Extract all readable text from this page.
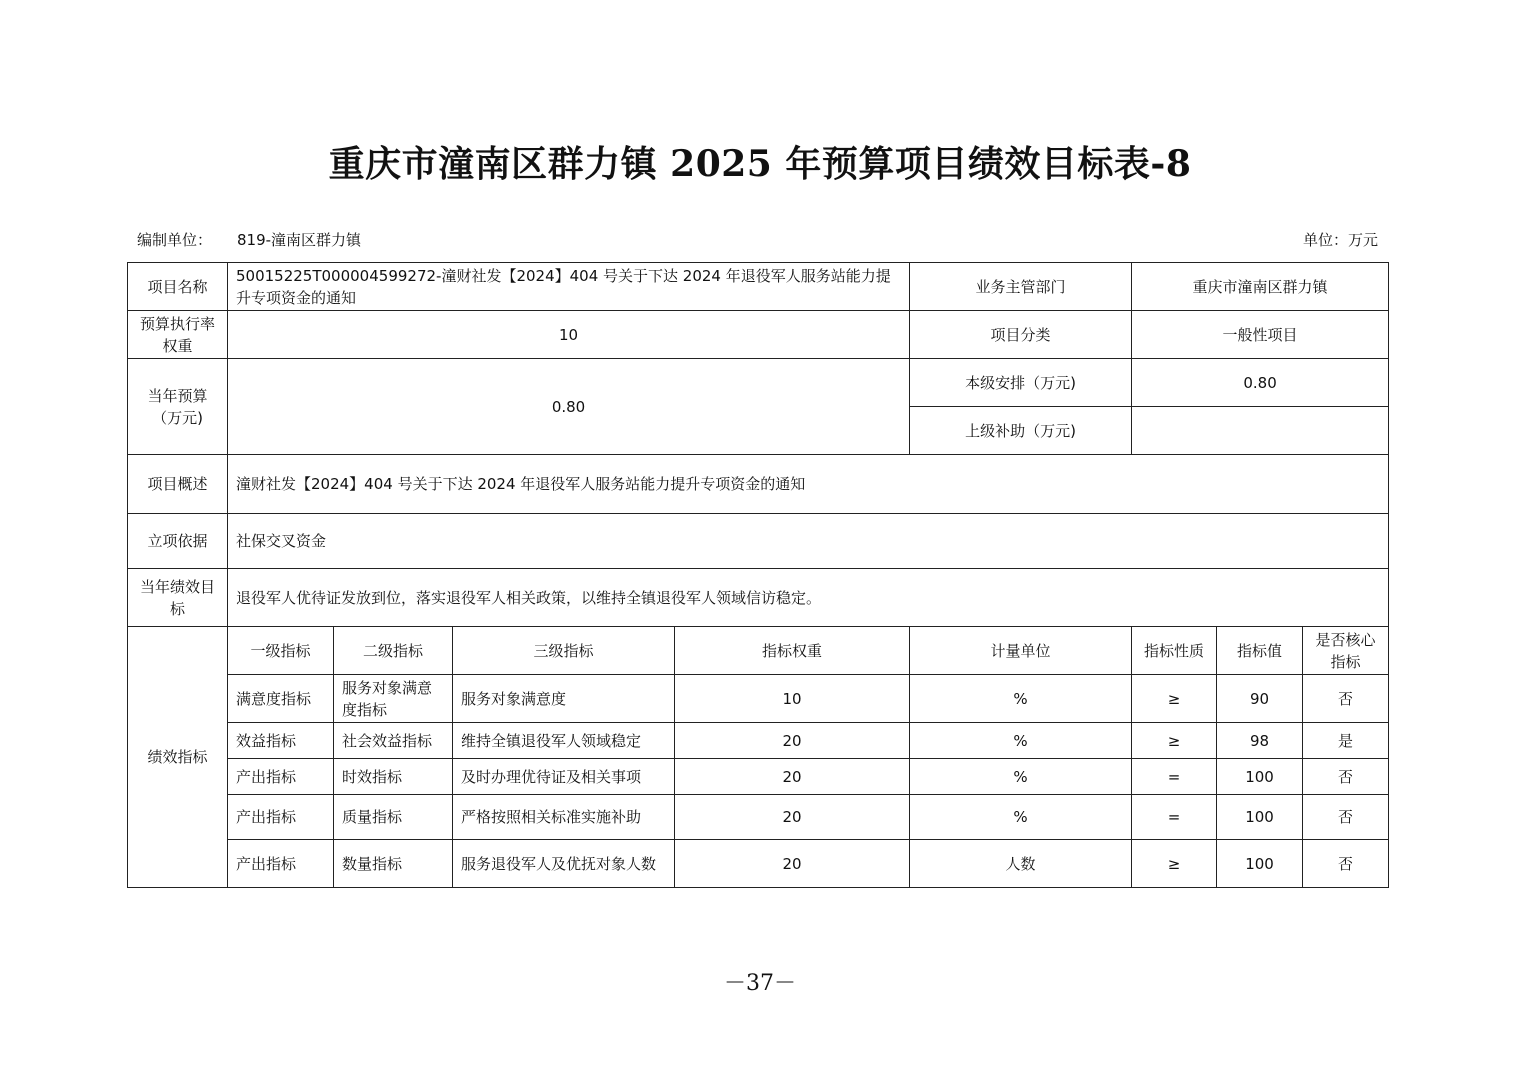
重庆市潼南区群力镇 2025 年预算项目绩效目标表-8
编制单位： 819-潼南区群力镇	单位：万元
项目名称	50015225T000004599272-潼财社发【2024】404 号关于下达 2024 年退役军人服务站能力提升专项资金的通知				业务主管部门	重庆市潼南区群力镇		
预算执行率权重	10				项目分类	一般性项目		
当年预算（万元)	0.80				本级安排（万元)	0.80		
					上级补助（万元)			
项目概述	潼财社发【2024】404 号关于下达 2024 年退役军人服务站能力提升专项资金的通知							
立项依据	社保交叉资金							
当年绩效目标	退役军人优待证发放到位，落实退役军人相关政策，以维持全镇退役军人领域信访稳定。							
绩效指标	一级指标	二级指标	三级指标	指标权重	计量单位	指标性质	指标值	是否核心指标
	满意度指标	服务对象满意度指标	服务对象满意度	10	%	≥	90	否
	效益指标	社会效益指标	维持全镇退役军人领域稳定	20	%	≥	98	是
	产出指标	时效指标	及时办理优待证及相关事项	20	%	=	100	否
	产出指标	质量指标	严格按照相关标准实施补助	20	%	=	100	否
	产出指标	数量指标	服务退役军人及优抚对象人数	20	人数	≥	100	否
－37－
